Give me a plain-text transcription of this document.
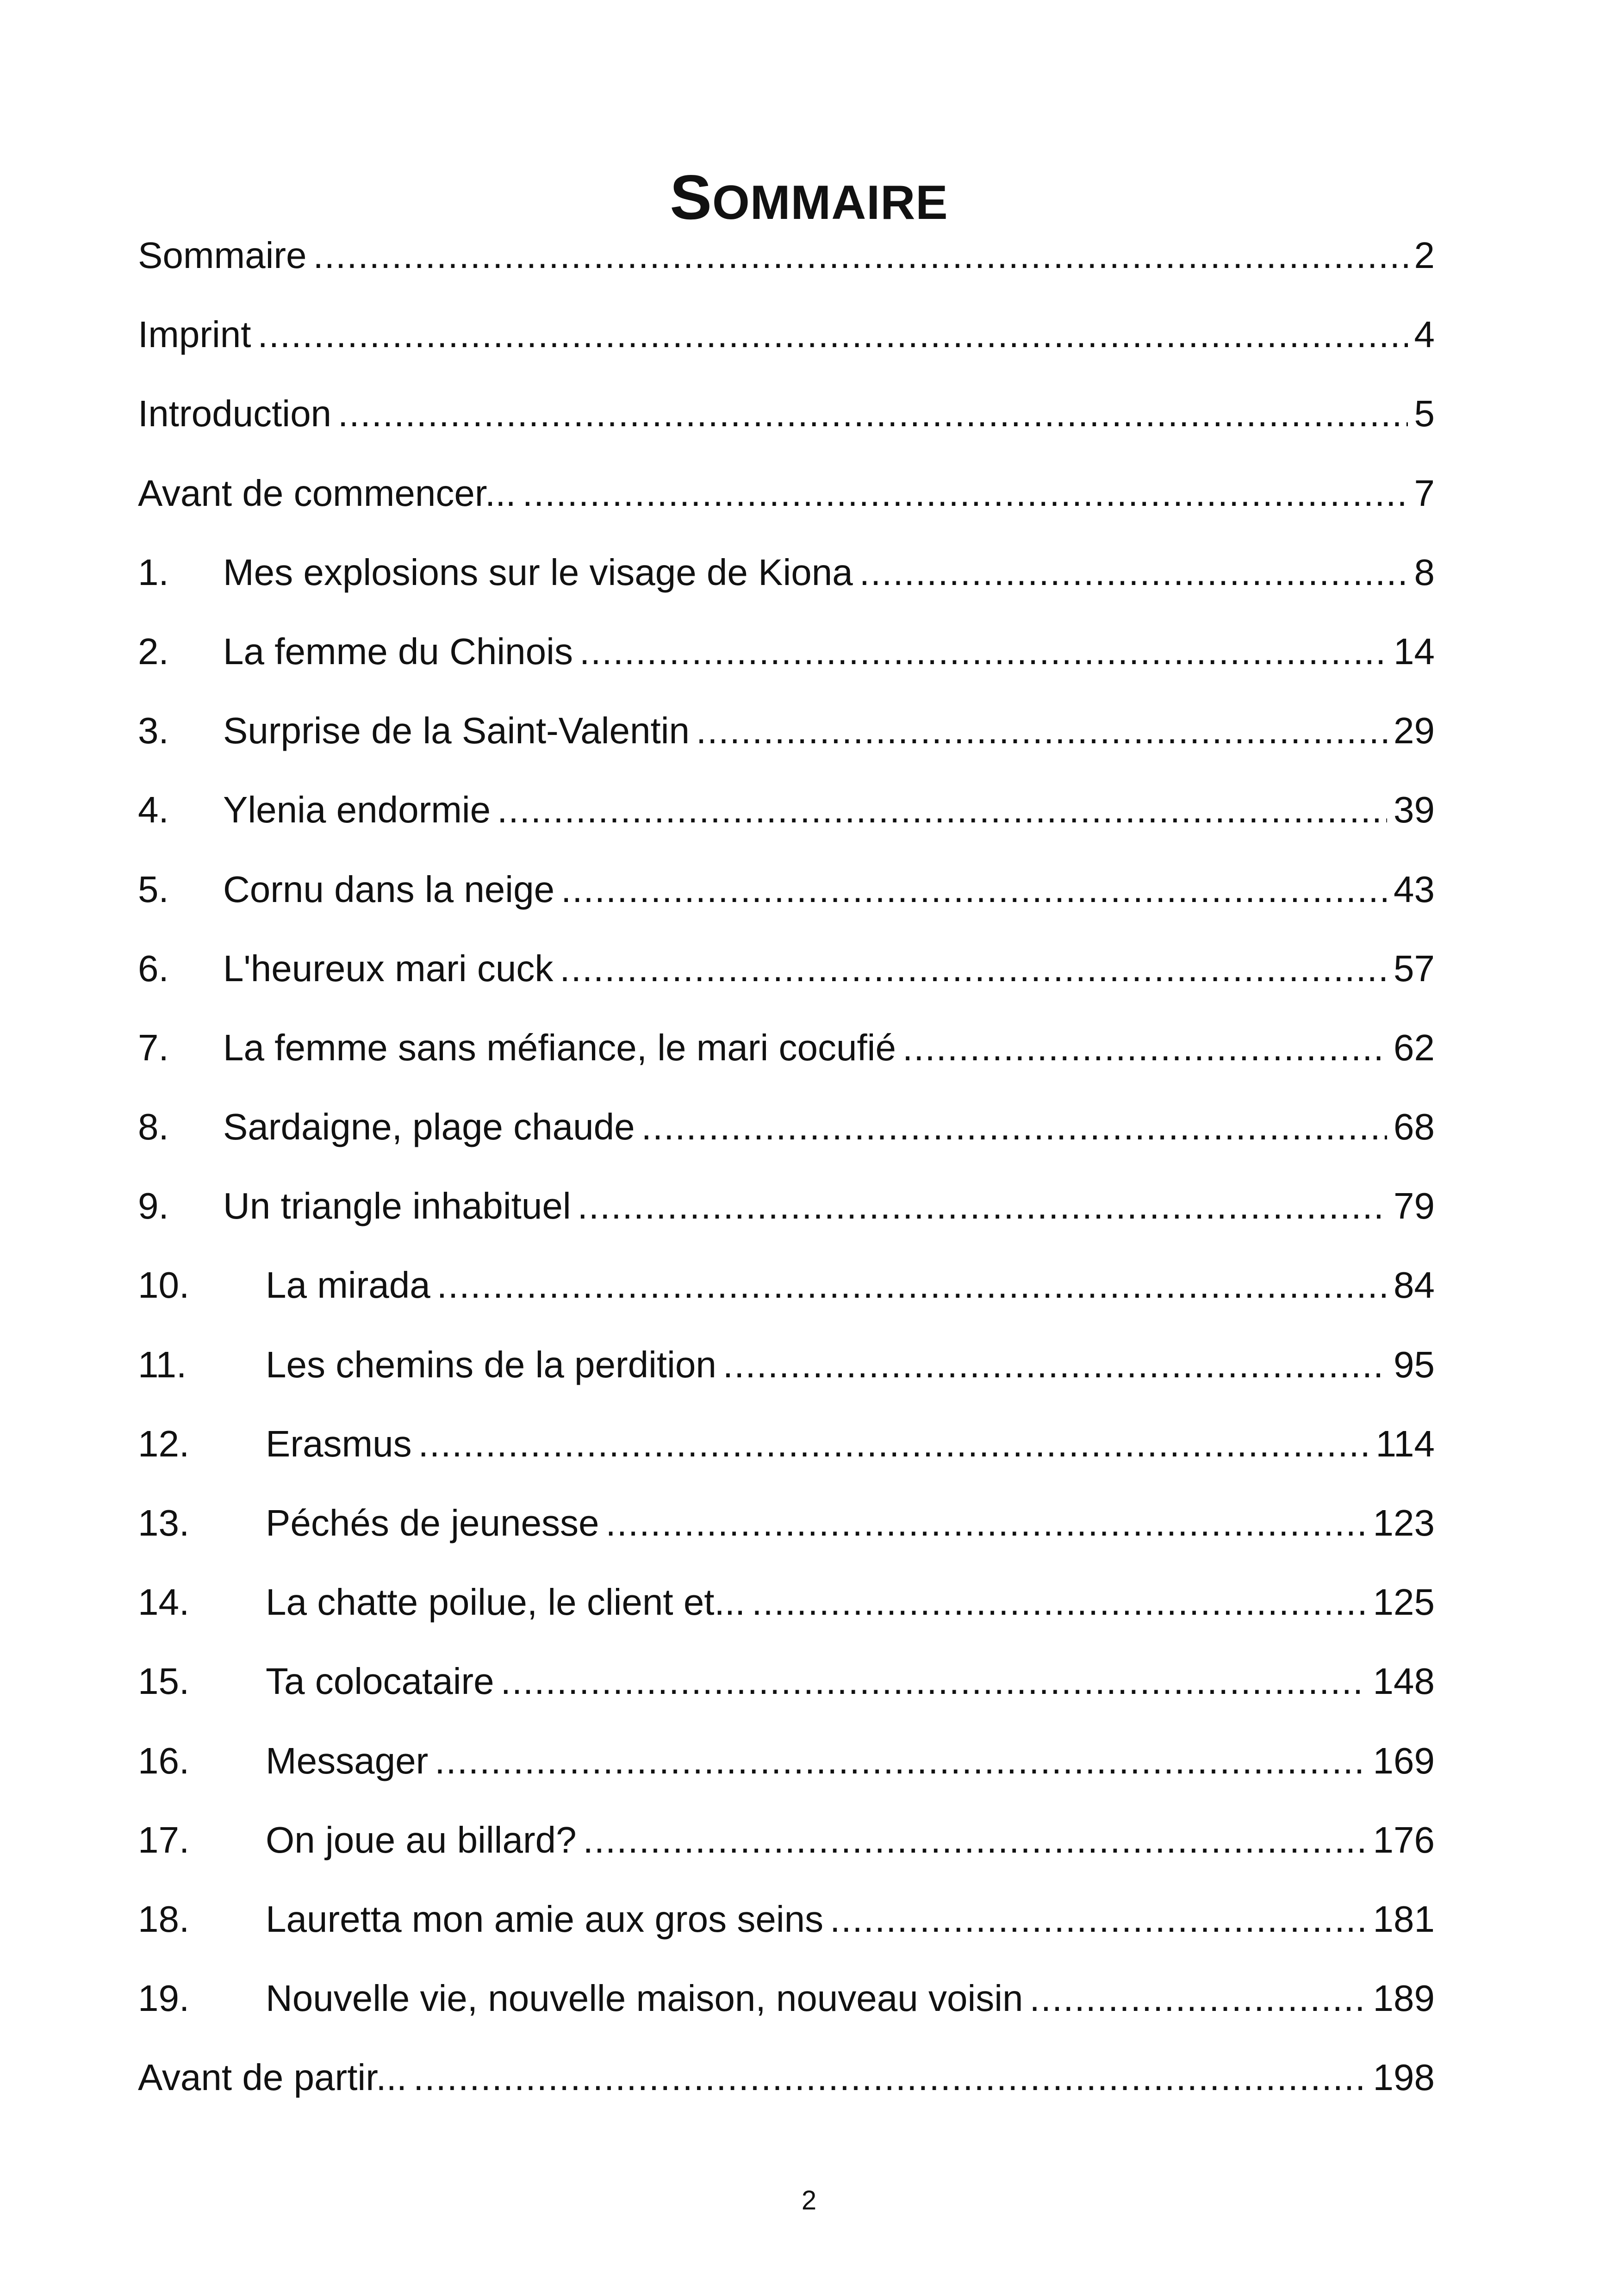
SOMMAIRE
Sommaire .....	2
Imprint .....	4
Introduction .....	5
Avant de commencer... .....	7
1.	Mes explosions sur le visage de Kiona .....	8
2.	La femme du Chinois .....	14
3.	Surprise de la Saint-Valentin .....	29
4.	Ylenia endormie .....	39
5.	Cornu dans la neige .....	43
6.	L'heureux mari cuck .....	57
7.	La femme sans méfiance, le mari cocufié .....	62
8.	Sardaigne, plage chaude .....	68
9.	Un triangle inhabituel .....	79
10.	La mirada .....	84
11.	Les chemins de la perdition .....	95
12.	Erasmus .....	114
13.	Péchés de jeunesse .....	123
14.	La chatte poilue, le client et... .....	125
15.	Ta colocataire .....	148
16.	Messager .....	169
17.	On joue au billard? .....	176
18.	Lauretta mon amie aux gros seins .....	181
19.	Nouvelle vie, nouvelle maison, nouveau voisin .....	189
Avant de partir... .....	198
2
